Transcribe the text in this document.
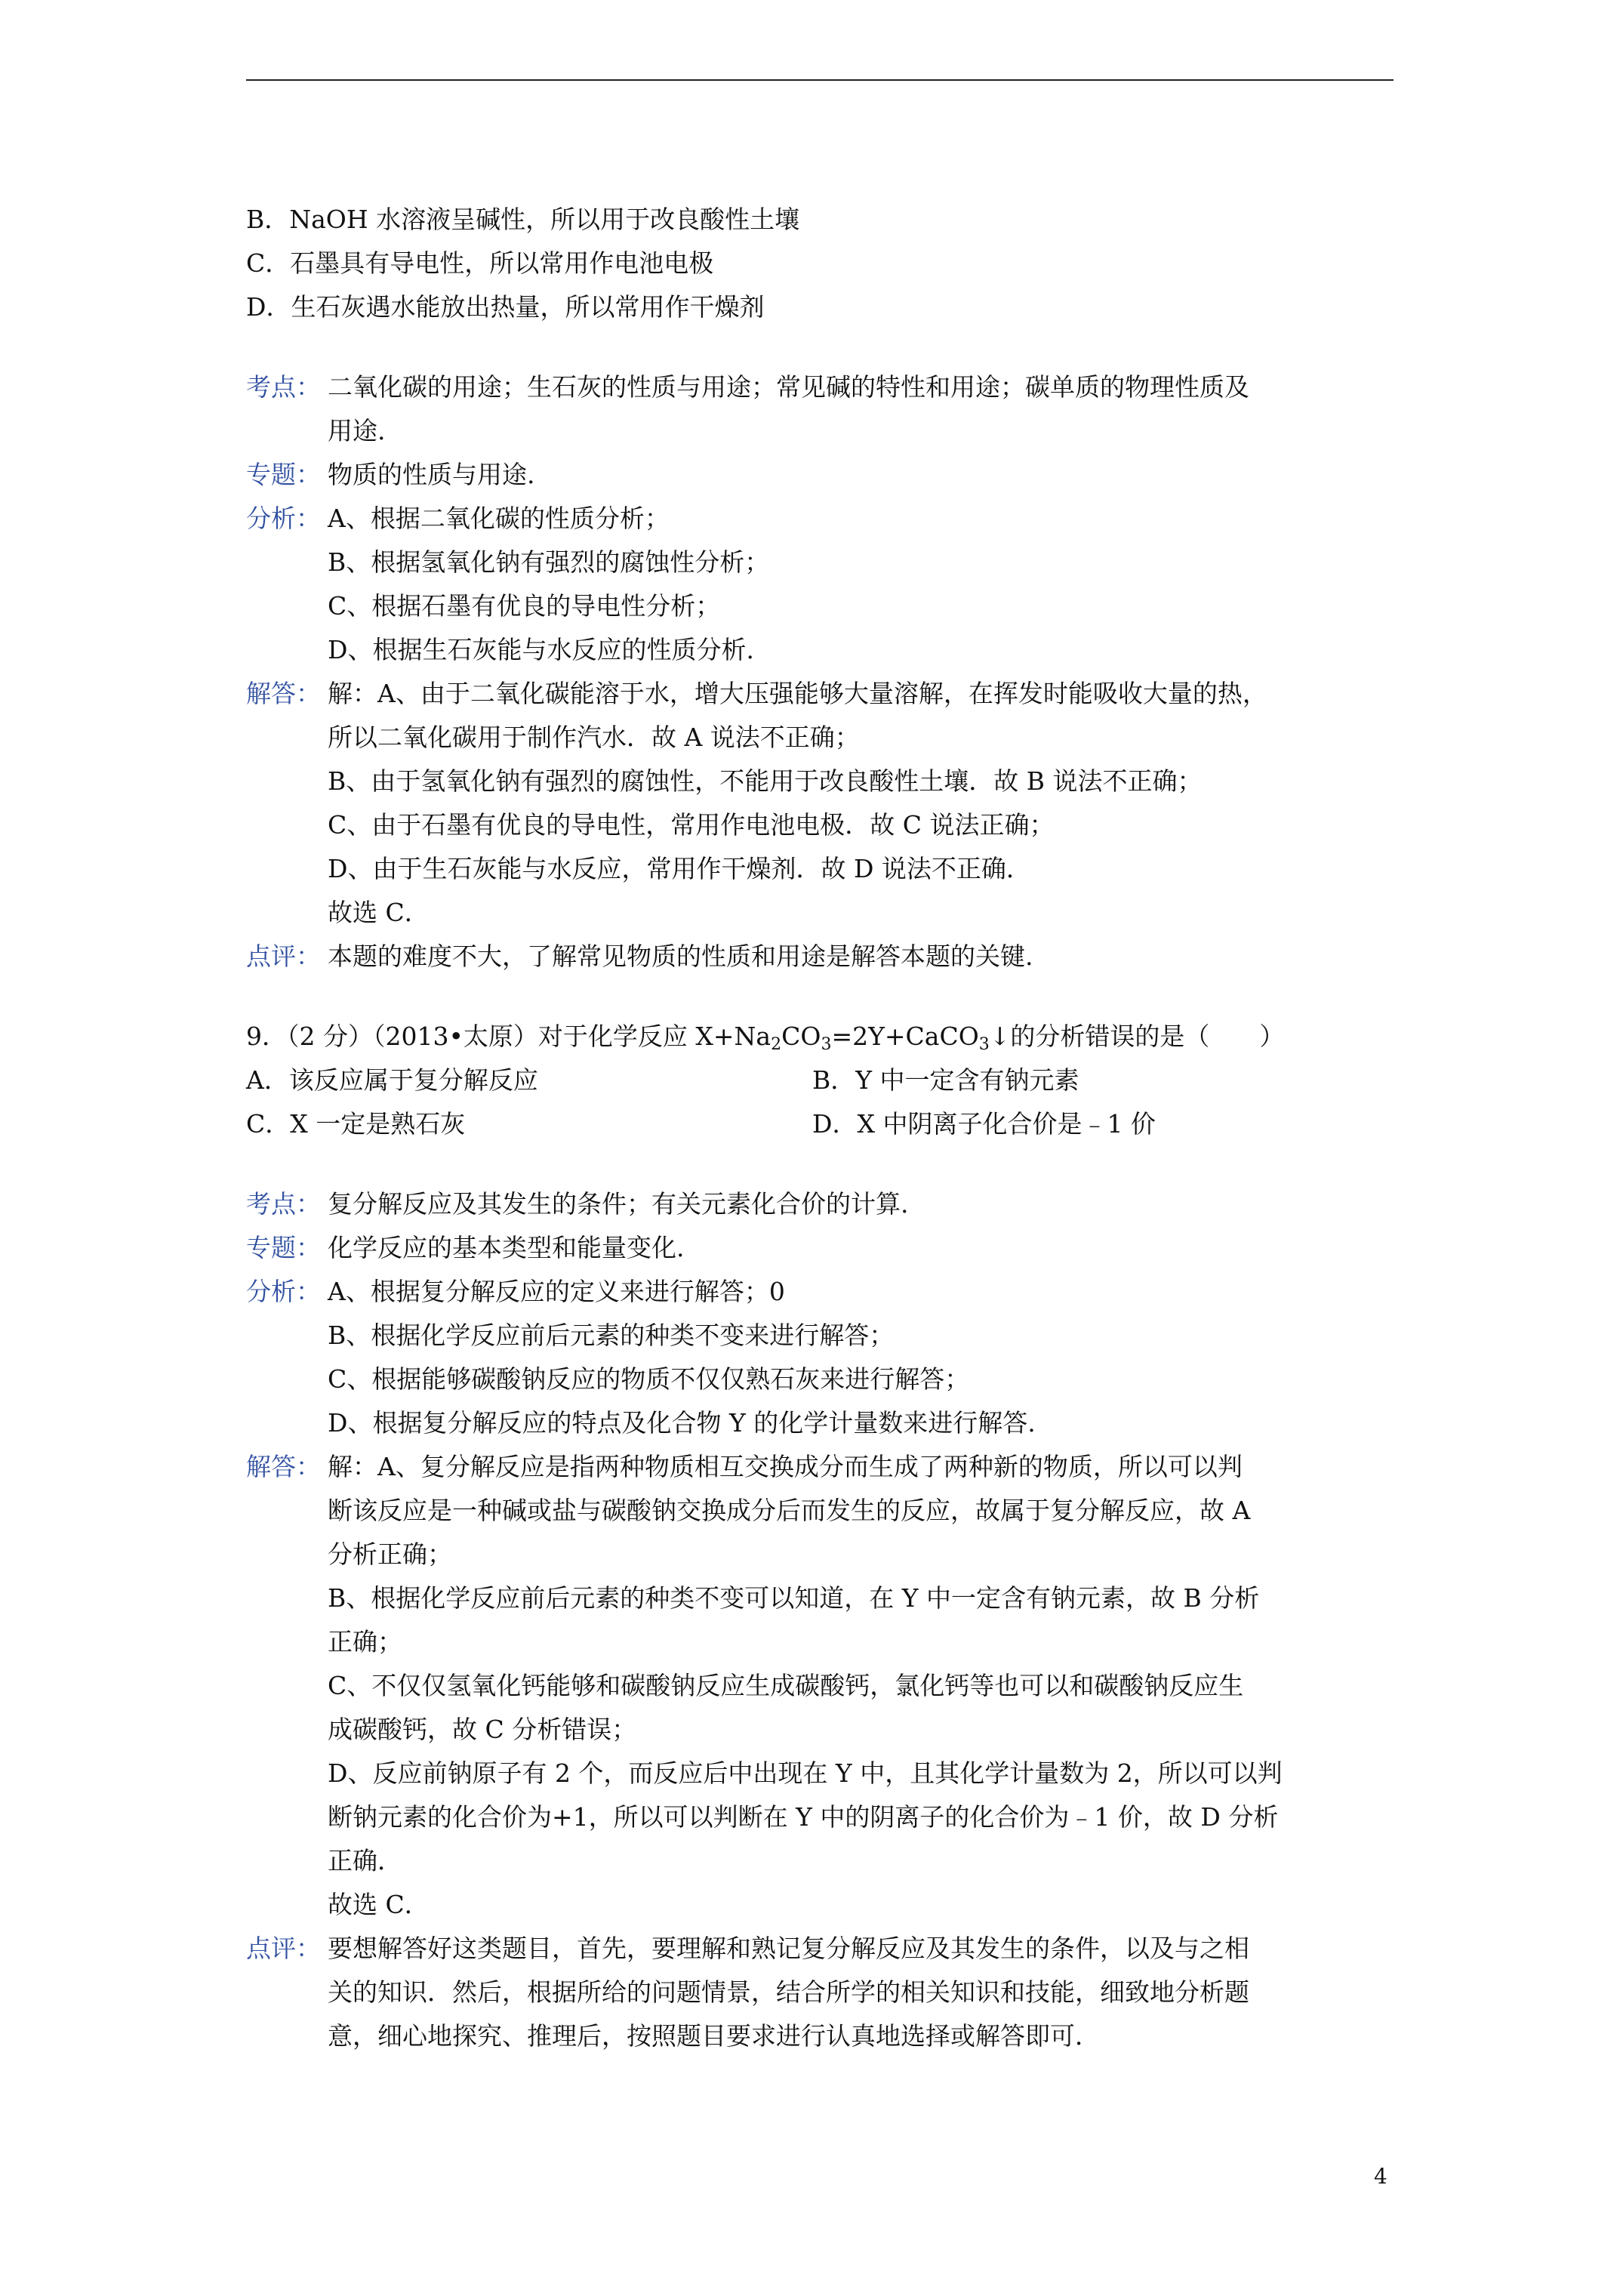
B．NaOH 水溶液呈碱性，所以用于改良酸性土壤
C．石墨具有导电性，所以常用作电池电极
D．生石灰遇水能放出热量，所以常用作干燥剂
考点： 二氧化碳的用途；生石灰的性质与用途；常见碱的特性和用途；碳单质的物理性质及
用途.
专题： 物质的性质与用途.
分析： A、根据二氧化碳的性质分析；
B、根据氢氧化钠有强烈的腐蚀性分析；
C、根据石墨有优良的导电性分析；
D、根据生石灰能与水反应的性质分析.
解答： 解：A、由于二氧化碳能溶于水，增大压强能够大量溶解，在挥发时能吸收大量的热，
所以二氧化碳用于制作汽水．故 A 说法不正确；
B、由于氢氧化钠有强烈的腐蚀性，不能用于改良酸性土壤．故 B 说法不正确；
C、由于石墨有优良的导电性，常用作电池电极．故 C 说法正确；
D、由于生石灰能与水反应，常用作干燥剂．故 D 说法不正确．
故选 C．
点评： 本题的难度不大，了解常见物质的性质和用途是解答本题的关键.
9．（2 分）（2013•太原）对于化学反应 $X+Na_2CO_3=2Y+CaCO_3↓$的分析错误的是（　　）
A．该反应属于复分解反应	B．Y 中一定含有钠元素
C．X 一定是熟石灰	D．X 中阴离子化合价是﹣1 价
考点： 复分解反应及其发生的条件；有关元素化合价的计算.
专题： 化学反应的基本类型和能量变化.
分析： A、根据复分解反应的定义来进行解答；0
B、根据化学反应前后元素的种类不变来进行解答；
C、根据能够碳酸钠反应的物质不仅仅熟石灰来进行解答；
D、根据复分解反应的特点及化合物 Y 的化学计量数来进行解答.
解答： 解：A、复分解反应是指两种物质相互交换成分而生成了两种新的物质，所以可以判
断该反应是一种碱或盐与碳酸钠交换成分后而发生的反应，故属于复分解反应，故 A
分析正确；
B、根据化学反应前后元素的种类不变可以知道，在 Y 中一定含有钠元素，故 B 分析
正确；
C、不仅仅氢氧化钙能够和碳酸钠反应生成碳酸钙，氯化钙等也可以和碳酸钠反应生
成碳酸钙，故 C 分析错误；
D、反应前钠原子有 2 个，而反应后中出现在 Y 中，且其化学计量数为 2，所以可以判
断钠元素的化合价为+1，所以可以判断在 Y 中的阴离子的化合价为﹣1 价，故 D 分析
正确．
故选 C．
点评： 要想解答好这类题目，首先，要理解和熟记复分解反应及其发生的条件，以及与之相
关的知识．然后，根据所给的问题情景，结合所学的相关知识和技能，细致地分析题
意，细心地探究、推理后，按照题目要求进行认真地选择或解答即可．
4
